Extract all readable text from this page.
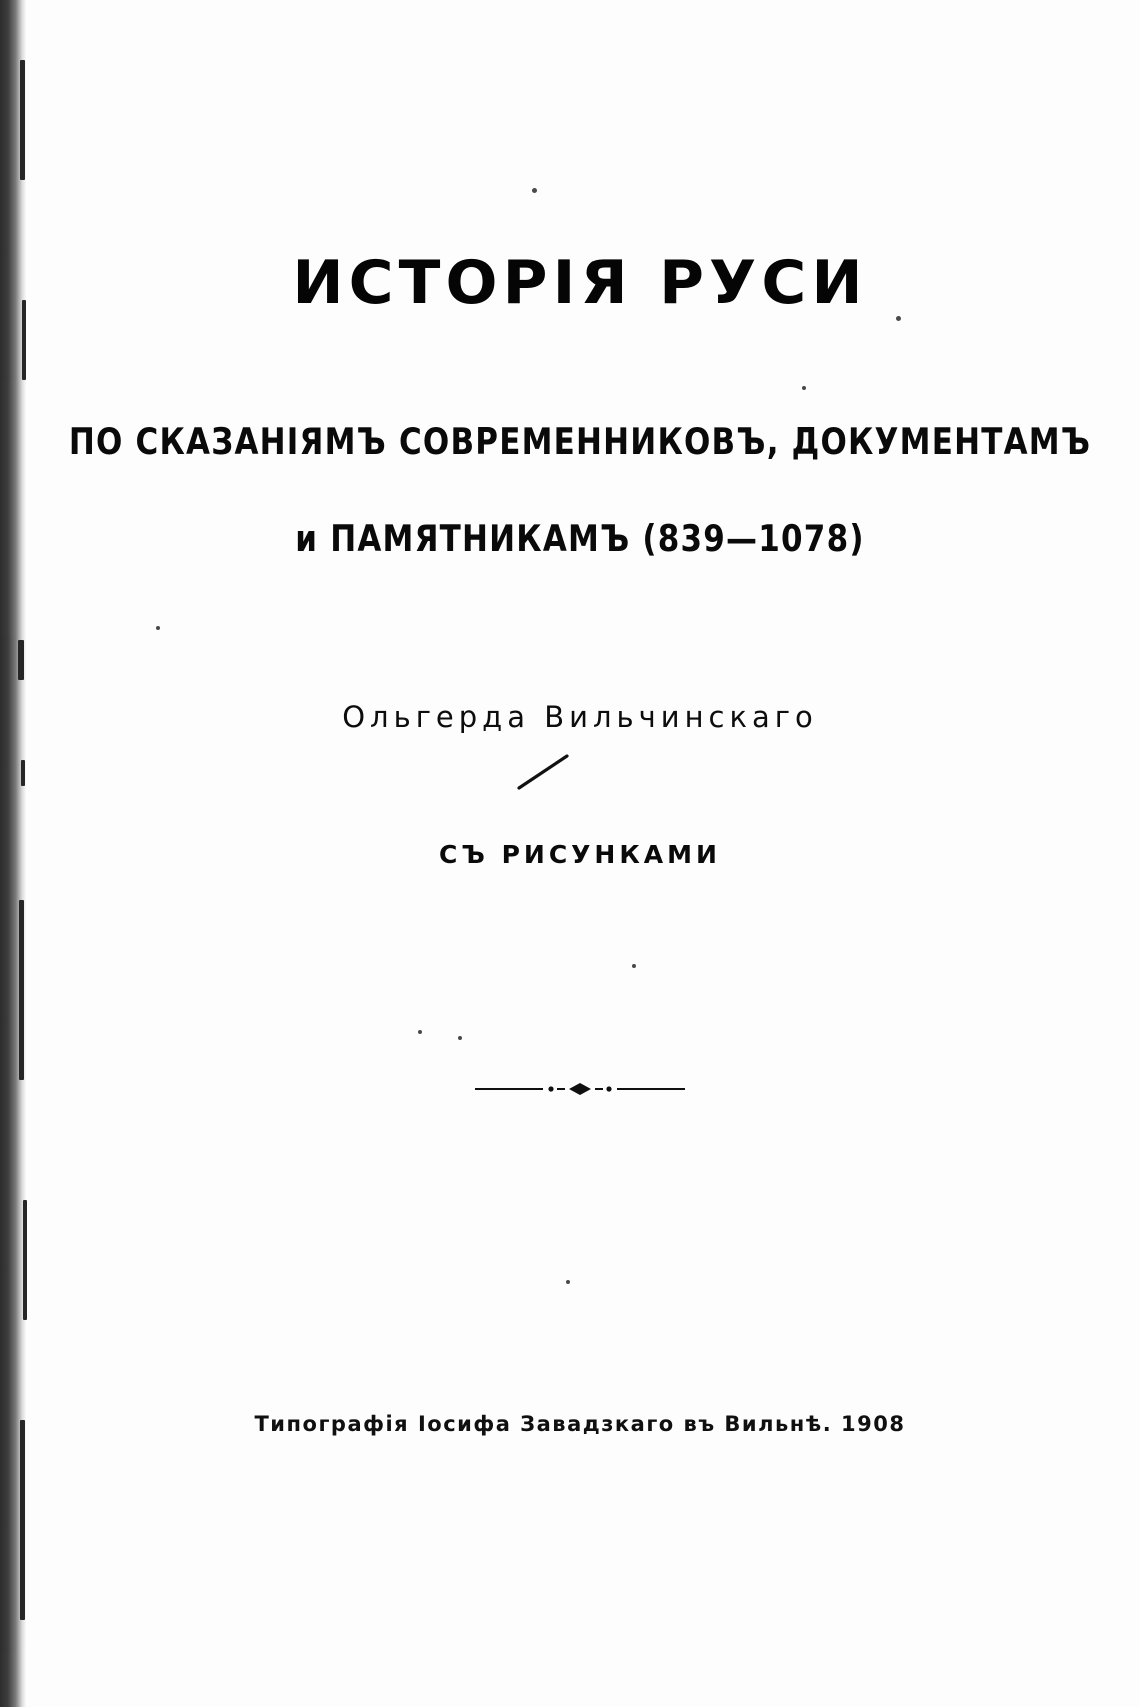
ИСТОРІЯ РУСИ
ПО СКАЗАНІЯМЪ СОВРЕМЕННИКОВЪ, ДОКУМЕНТАМЪ
и ПАМЯТНИКАМЪ (839—1078)
Ольгерда Вильчинскаго
СЪ РИСУНКАМИ
Типографія Іосифа Завадзкаго въ Вильнѣ. 1908
